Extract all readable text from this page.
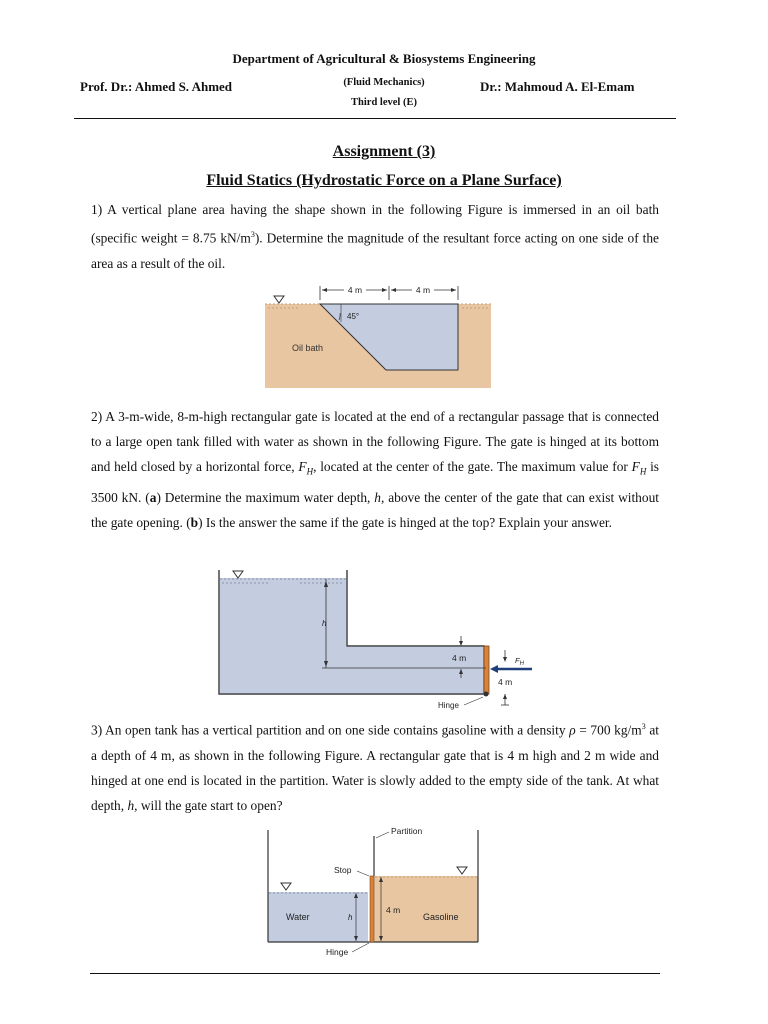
Department of Agricultural & Biosystems Engineering
Prof. Dr.: Ahmed S. Ahmed	(Fluid Mechanics)
Third level (E)
Dr.: Mahmoud A. El-Emam
Assignment (3)
Fluid Statics (Hydrostatic Force on a Plane Surface)
1) A vertical plane area having the shape shown in the following Figure is immersed in an oil bath (specific weight = 8.75 $kN/m^3$). Determine the magnitude of the resultant force acting on one side of the area as a result of the oil.
4 m	4 m
45°
Oil bath
2) A 3-m-wide, 8-m-high rectangular gate is located at the end of a rectangular passage that is connected to a large open tank filled with water as shown in the following Figure. The gate is hinged at its bottom and held closed by a horizontal force, $F_H$, located at the center of the gate. The maximum value for $F_H$ is 3500 kN. (a) Determine the maximum water depth, h, above the center of the gate that can exist without the gate opening. (b) Is the answer the same if the gate is hinged at the top? Explain your answer.
h
4 m	$F_H$
4 m
Hinge
3) An open tank has a vertical partition and on one side contains gasoline with a density ρ = 700 $kg/m^3$ at a depth of 4 m, as shown in the following Figure. A rectangular gate that is 4 m high and 2 m wide and hinged at one end is located in the partition. Water is slowly added to the empty side of the tank. At what depth, h, will the gate start to open?
Partition
Stop
4 m
Water	h	Gasoline
Hinge
